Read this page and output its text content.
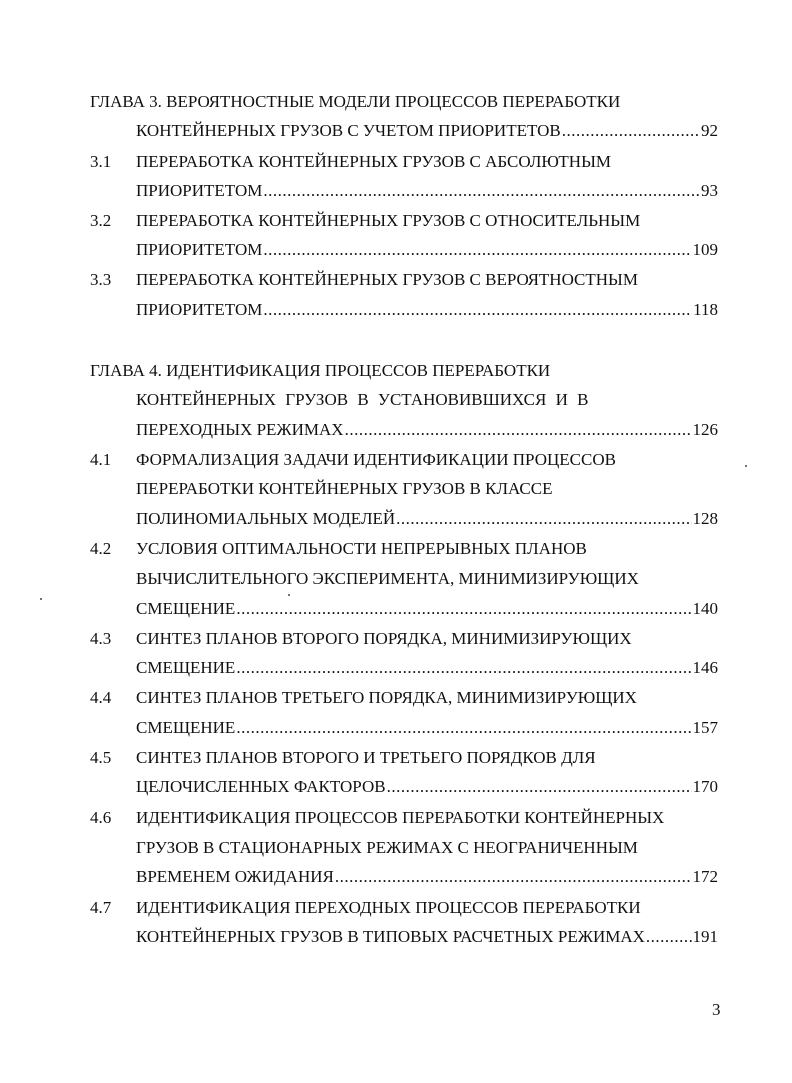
ГЛАВА 3. ВЕРОЯТНОСТНЫЕ МОДЕЛИ ПРОЦЕССОВ ПЕРЕРАБОТКИ
КОНТЕЙНЕРНЫХ ГРУЗОВ С УЧЕТОМ ПРИОРИТЕТОВ .....	92
3.1 ПЕРЕРАБОТКА КОНТЕЙНЕРНЫХ ГРУЗОВ С АБСОЛЮТНЫМ
ПРИОРИТЕТОМ .....	93
3.2 ПЕРЕРАБОТКА КОНТЕЙНЕРНЫХ ГРУЗОВ С ОТНОСИТЕЛЬНЫМ
ПРИОРИТЕТОМ .....	109
3.3 ПЕРЕРАБОТКА КОНТЕЙНЕРНЫХ ГРУЗОВ С ВЕРОЯТНОСТНЫМ
ПРИОРИТЕТОМ .....	118
ГЛАВА 4. ИДЕНТИФИКАЦИЯ ПРОЦЕССОВ ПЕРЕРАБОТКИ
КОНТЕЙНЕРНЫХ ГРУЗОВ В УСТАНОВИВШИХСЯ И В
ПЕРЕХОДНЫХ РЕЖИМАХ .....	126
4.1 ФОРМАЛИЗАЦИЯ ЗАДАЧИ ИДЕНТИФИКАЦИИ ПРОЦЕССОВ
ПЕРЕРАБОТКИ КОНТЕЙНЕРНЫХ ГРУЗОВ В КЛАССЕ
ПОЛИНОМИАЛЬНЫХ МОДЕЛЕЙ .....	128
4.2 УСЛОВИЯ ОПТИМАЛЬНОСТИ НЕПРЕРЫВНЫХ ПЛАНОВ
ВЫЧИСЛИТЕЛЬНОГО ЭКСПЕРИМЕНТА, МИНИМИЗИРУЮЩИХ
СМЕЩЕНИЕ .....	140
4.3 СИНТЕЗ ПЛАНОВ ВТОРОГО ПОРЯДКА, МИНИМИЗИРУЮЩИХ
СМЕЩЕНИЕ .....	146
4.4 СИНТЕЗ ПЛАНОВ ТРЕТЬЕГО ПОРЯДКА, МИНИМИЗИРУЮЩИХ
СМЕЩЕНИЕ .....	157
4.5 СИНТЕЗ ПЛАНОВ ВТОРОГО И ТРЕТЬЕГО ПОРЯДКОВ ДЛЯ
ЦЕЛОЧИСЛЕННЫХ ФАКТОРОВ .....	170
4.6 ИДЕНТИФИКАЦИЯ ПРОЦЕССОВ ПЕРЕРАБОТКИ КОНТЕЙНЕРНЫХ
ГРУЗОВ В СТАЦИОНАРНЫХ РЕЖИМАХ С НЕОГРАНИЧЕННЫМ
ВРЕМЕНЕМ ОЖИДАНИЯ .....	172
4.7 ИДЕНТИФИКАЦИЯ ПЕРЕХОДНЫХ ПРОЦЕССОВ ПЕРЕРАБОТКИ
КОНТЕЙНЕРНЫХ ГРУЗОВ В ТИПОВЫХ РАСЧЕТНЫХ РЕЖИМАХ .....	191
3
